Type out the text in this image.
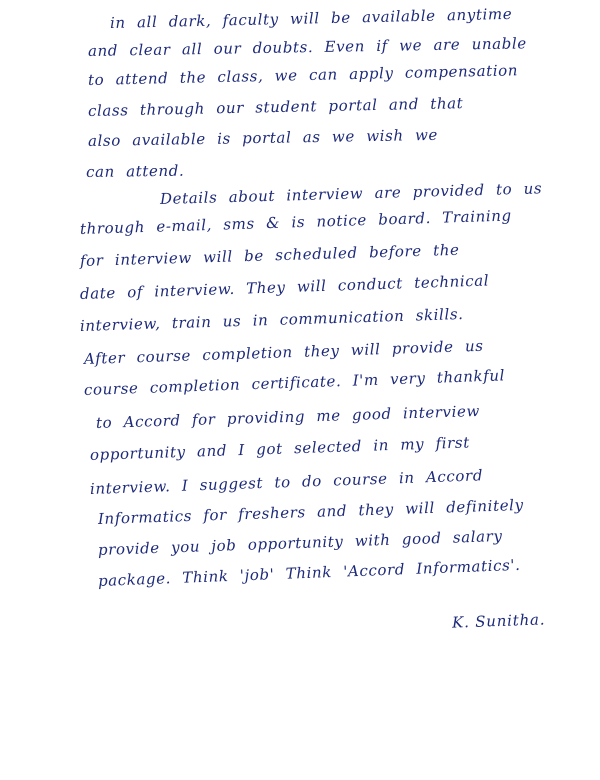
in all dark, faculty will be available anytime
and clear all our doubts. Even if we are unable
to attend the class, we can apply compensation
class through our student portal and that
also available is portal as we wish we
can attend.
Details about interview are provided to us
through e-mail, sms & is notice board. Training
for interview will be scheduled before the
date of interview. They will conduct technical
interview, train us in communication skills.
After course completion they will provide us
course completion certificate. I'm very thankful
to Accord for providing me good interview
opportunity and I got selected in my first
interview. I suggest to do course in Accord
Informatics for freshers and they will definitely
provide you job opportunity with good salary
package. Think 'job' Think 'Accord Informatics'.
K. Sunitha.
